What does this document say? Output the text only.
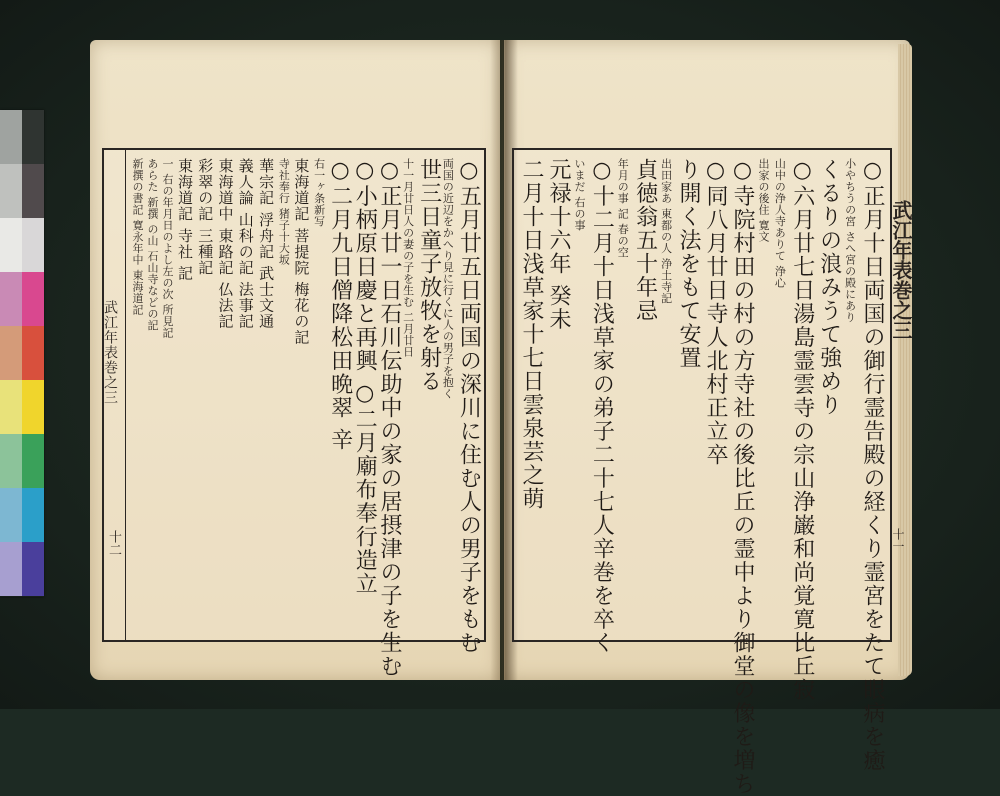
武江年表巻之三
十二
武江年表巻之三
十一
○五月廿五日両国の深川に住む人の男子をもむ
両国の近辺をかへり見に行くに人の男子を抱く
世三日童子放牧を射る
十一月廿日人の妻の子を生む 二月廿日
○正月廿一日石川伝助中の家の居摂津の子を生む
○小柄原日慶と再興 ○二月廟布奉行造立
○二月九日僧降松田晩翠 辛
右一ヶ条新写
東海道記 菩提院 梅花の記
寺社奉行 猪子十大坂
華宗記 浮舟記 武士文通
義人論 山科の記 法事記
東海道中 東路記 仏法記
彩翠の記 三種記
東海道記 寺社 記
一 右の年月日のよし左の次 所見記
あらた 新撰 の山 石山寺などの記
新撰の書記 寛永年中 東海道記	○正月十日両国の御行霊告殿の経くり霊宮をたて眼病を癒
小やちうの宮 さへ宮の殿にあり
くるりの浪みうて強めり
○六月廿七日湯島霊雲寺の宗山浄巌和尚覚寛比丘寂
山中の浄人寺ありて 浄心
出家の後住 寛文
○寺院村田の村の方寺社の後比丘の霊中より御堂の像を増ち
○同八月廿日寺人北村正立卒
り開く法をもて安置
出田家あ 東都の人 浄土寺記
貞徳翁五十年忌
年月の事 記 春の空
○十二月十日浅草家の弟子二十七人辛巻を卒く
いまだ 右の事
元禄十六年 癸未
二月十日浅草家十七日雲泉芸之萌
